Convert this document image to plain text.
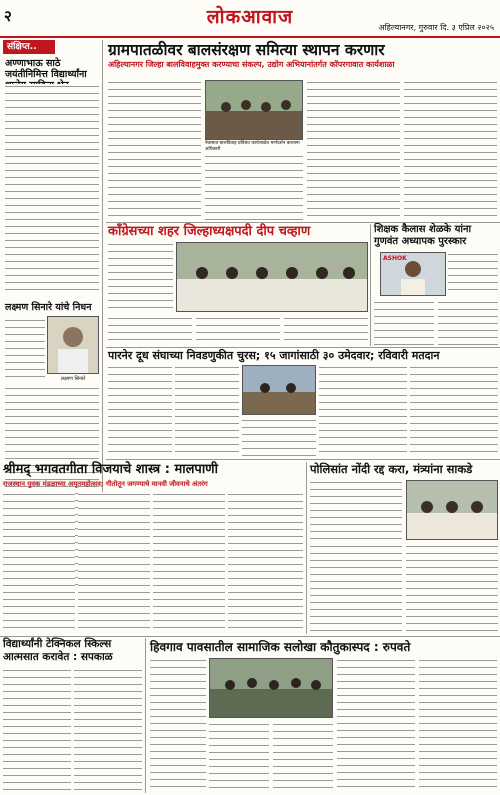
२	लोकआवाज	अहिल्यानगर, गुरुवार दि. ३ एप्रिल २०२५
संक्षिप्त..
अण्णाभाऊ साठे जयंतीनिमित्त विद्यार्थ्यांना
लक्ष्मण सिनारे यांचे निधन
लक्ष्मण सिनारे
ग्रामपातळीवर बालसंरक्षण समित्या स्थापन करणार
अहिल्यानगर जिल्हा बालविवाहमुक्त करण्याचा संकल्प, उद्योग अभियानांतर्गत कॉपरगावात कार्यशाळा
नेवासात बालविवाह प्रतिबंध कार्यशाळेत मार्गदर्शन करताना अधिकारी
काँग्रेसच्या शहर जिल्हाध्यक्षपदी दीप चव्हाण	शिक्षक कैलास शेळके यांना गुणवंत अध्यापक पुरस्कार
ASHOK
पारनेर दूध संघाच्या निवडणुकीत चुरस; १५ जागांसाठी ३० उमेदवार; रविवारी मतदान
श्रीमद् भगवतगीता विजयाचे शास्त्र : मालपाणी
राजस्थान युवक मंडळाच्या अमृतमहोत्सव; गीतोतून जगण्याचे मानवी जीवनाचे अंतरंग
पोलिसांत नोंदी रद्द करा, मंत्र्यांना साकडे
विद्यार्थ्यांनी टेक्निकल स्किल्स आत्मसात करावेत : सपकाळ
हिवगाव पावसातील सामाजिक सलोखा कौतुकास्पद : रुपवते
